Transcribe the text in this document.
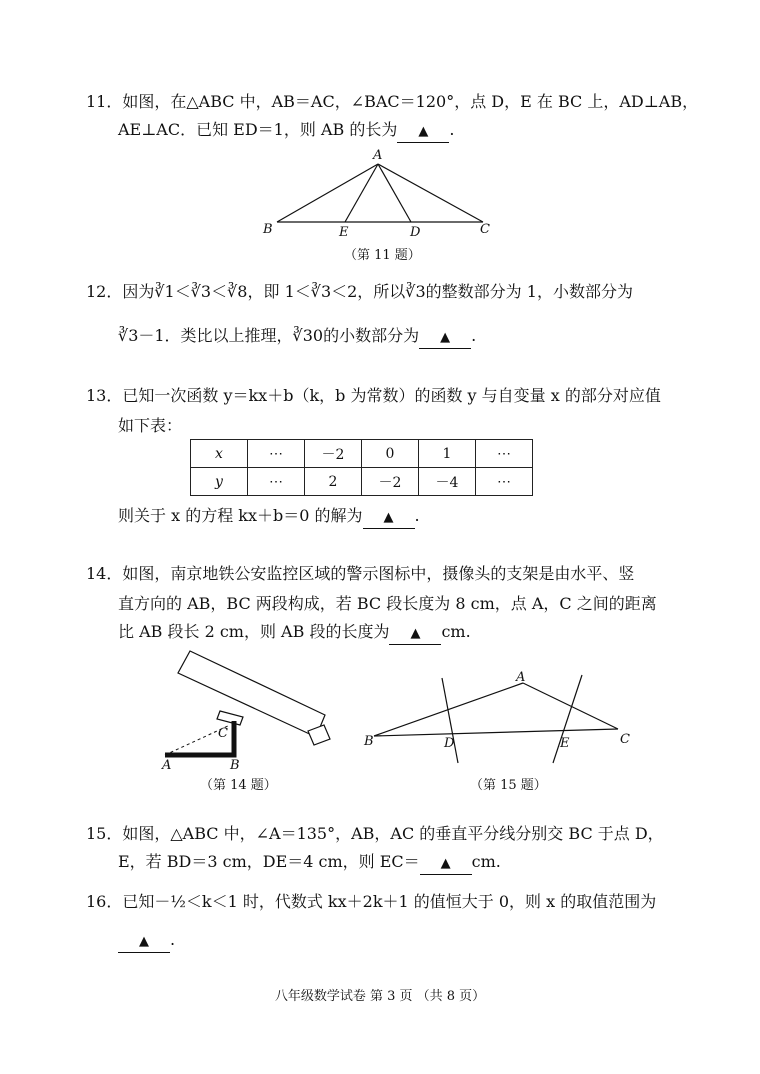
11．如图，在△ABC 中，AB＝AC，∠BAC＝120°，点 D，E 在 BC 上，AD⊥AB，
AE⊥AC．已知 ED＝1，则 AB 的长为 ▲ .
A
B	C
D
E
（第 11 题）
12．因为∛1＜∛3＜∛8，即 1＜∛3＜2，所以∛3的整数部分为 1，小数部分为
∛3－1．类比以上推理，∛30的小数部分为 ▲ .
13．已知一次函数 y＝kx＋b（k，b 为常数）的函数 y 与自变量 x 的部分对应值
如下表：
x	⋯	－2	0	1	⋯
y	⋯	2	－2	－4	⋯
则关于 x 的方程 kx＋b＝0 的解为 ▲ .
14．如图，南京地铁公安监控区域的警示图标中，摄像头的支架是由水平、竖
直方向的 AB，BC 两段构成，若 BC 段长度为 8 cm，点 A，C 之间的距离
比 AB 段长 2 cm，则 AB 段的长度为 ▲ cm.
C
A	B
（第 14 题）
A
B	C
D	E
（第 15 题）
15．如图，△ABC 中，∠A＝135°，AB，AC 的垂直平分线分别交 BC 于点 D，
E，若 BD＝3 cm，DE＝4 cm，则 EC＝ ▲ cm.
16．已知－½＜k＜1 时，代数式 kx＋2k＋1 的值恒大于 0，则 x 的取值范围为
▲ .
八年级数学试卷 第 3 页 （共 8 页）
